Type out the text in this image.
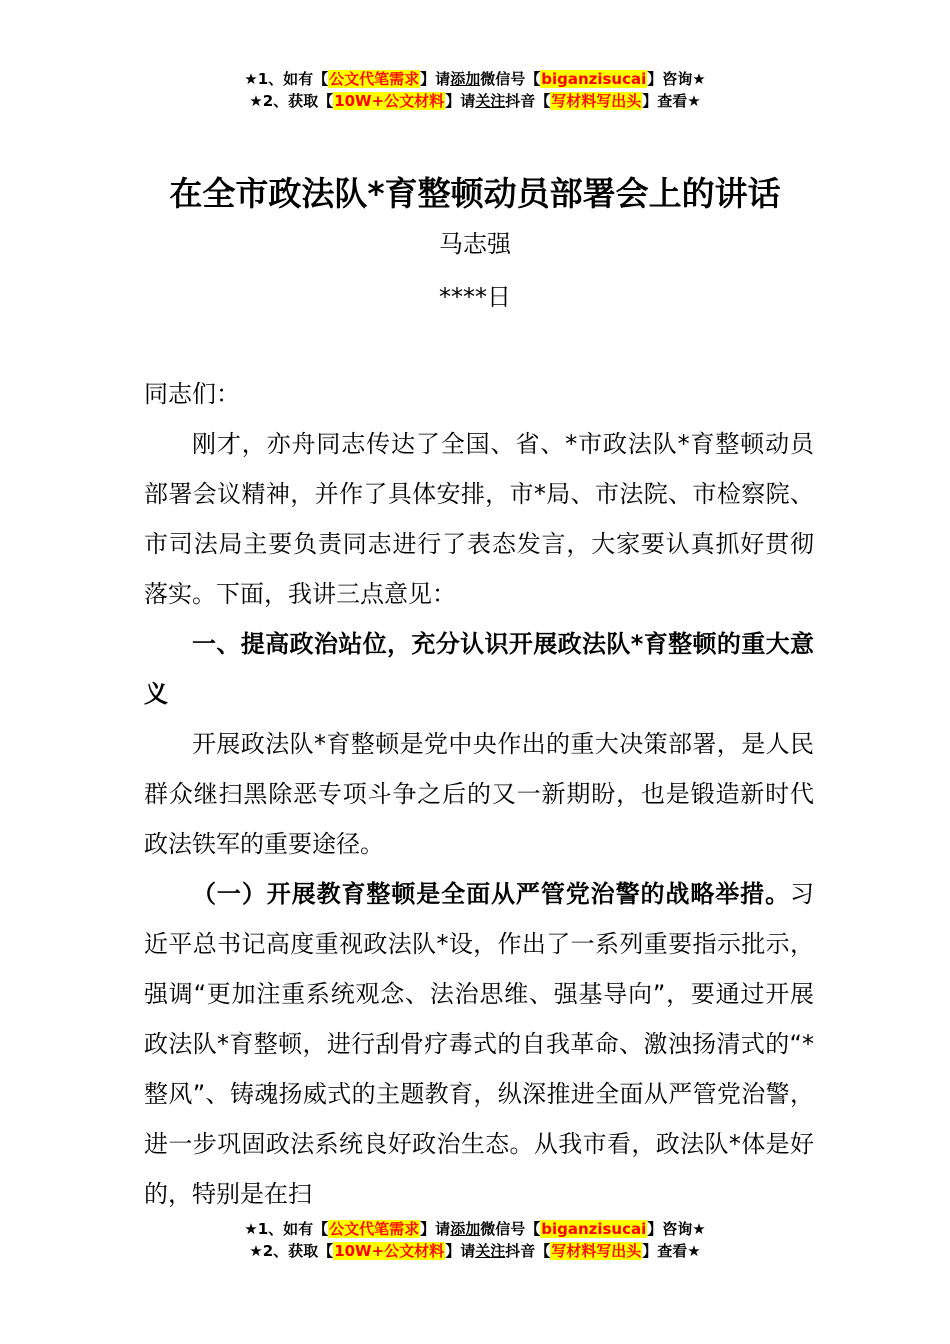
★1、如有【公文代笔需求】请添加微信号【biganzisucai】咨询★
★2、获取【10W+公文材料】请关注抖音【写材料写出头】查看★
在全市政法队*育整顿动员部署会上的讲话
马志强
****日

同志们：

刚才，亦舟同志传达了全国、省、*市政法队*育整顿动员部署会议精神，并作了具体安排，市*局、市法院、市检察院、市司法局主要负责同志进行了表态发言，大家要认真抓好贯彻落实。下面，我讲三点意见：

一、提高政治站位，充分认识开展政法队*育整顿的重大意义

开展政法队*育整顿是党中央作出的重大决策部署，是人民群众继扫黑除恶专项斗争之后的又一新期盼，也是锻造新时代政法铁军的重要途径。

（一）开展教育整顿是全面从严管党治警的战略举措。习近平总书记高度重视政法队*设，作出了一系列重要指示批示，强调“更加注重系统观念、法治思维、强基导向”，要通过开展政法队*育整顿，进行刮骨疗毒式的自我革命、激浊扬清式的“*整风”、铸魂扬威式的主题教育，纵深推进全面从严管党治警，进一步巩固政法系统良好政治生态。从我市看，政法队*体是好的，特别是在扫

★1、如有【公文代笔需求】请添加微信号【biganzisucai】咨询★
★2、获取【10W+公文材料】请关注抖音【写材料写出头】查看★
